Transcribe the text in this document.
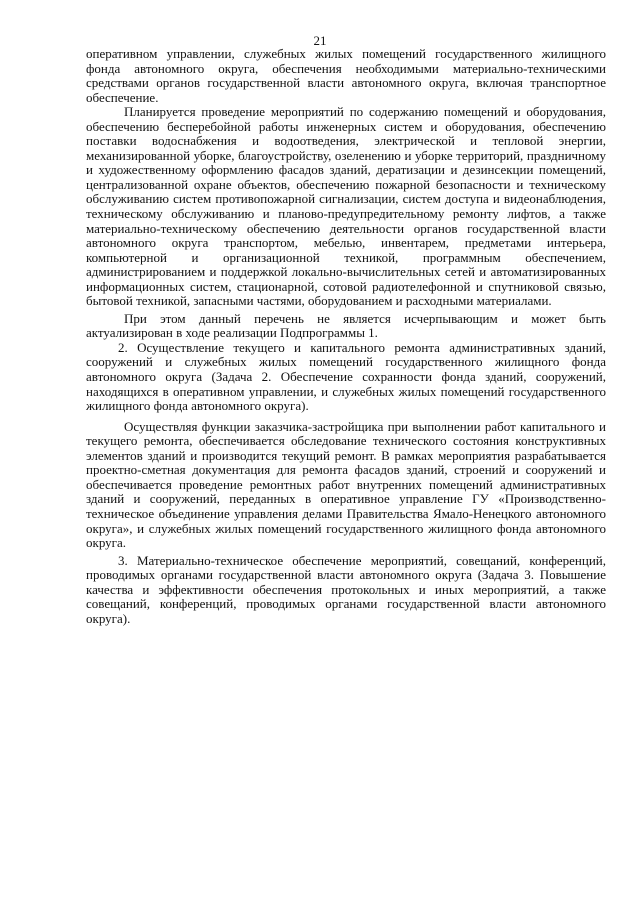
21

оперативном управлении, служебных жилых помещений государственного жилищного фонда автономного округа, обеспечения необходимыми материально-техническими средствами органов государственной власти автономного округа, включая транспортное обеспечение.

Планируется проведение мероприятий по содержанию помещений и оборудования, обеспечению бесперебойной работы инженерных систем и оборудования, обеспечению поставки водоснабжения и водоотведения, электрической и тепловой энергии, механизированной уборке, благоустройству, озеленению и уборке территорий, праздничному и художественному оформлению фасадов зданий, дератизации и дезинсекции помещений, централизованной охране объектов, обеспечению пожарной безопасности и техническому обслуживанию систем противопожарной сигнализации, систем доступа и видеонаблюдения, техническому обслуживанию и планово-предупредительному ремонту лифтов, а также материально-техническому обеспечению деятельности органов государственной власти автономного округа транспортом, мебелью, инвентарем, предметами интерьера, компьютерной и организационной техникой, программным обеспечением, администрированием и поддержкой локально-вычислительных сетей и автоматизированных информационных систем, стационарной, сотовой радиотелефонной и спутниковой связью, бытовой техникой, запасными частями, оборудованием и расходными материалами.

При этом данный перечень не является исчерпывающим и может быть актуализирован в ходе реализации Подпрограммы 1.

2. Осуществление текущего и капитального ремонта административных зданий, сооружений и служебных жилых помещений государственного жилищного фонда автономного округа (Задача 2. Обеспечение сохранности фонда зданий, сооружений, находящихся в оперативном управлении, и служебных жилых помещений государственного жилищного фонда автономного округа).

Осуществляя функции заказчика-застройщика при выполнении работ капитального и текущего ремонта, обеспечивается обследование технического состояния конструктивных элементов зданий и производится текущий ремонт. В рамках мероприятия разрабатывается проектно-сметная документация для ремонта фасадов зданий, строений и сооружений и обеспечивается проведение ремонтных работ внутренних помещений административных зданий и сооружений, переданных в оперативное управление ГУ «Производственно-техническое объединение управления делами Правительства Ямало-Ненецкого автономного округа», и служебных жилых помещений государственного жилищного фонда автономного округа.

3. Материально-техническое обеспечение мероприятий, совещаний, конференций, проводимых органами государственной власти автономного округа (Задача 3. Повышение качества и эффективности обеспечения протокольных и иных мероприятий, а также совещаний, конференций, проводимых органами государственной власти автономного округа).
